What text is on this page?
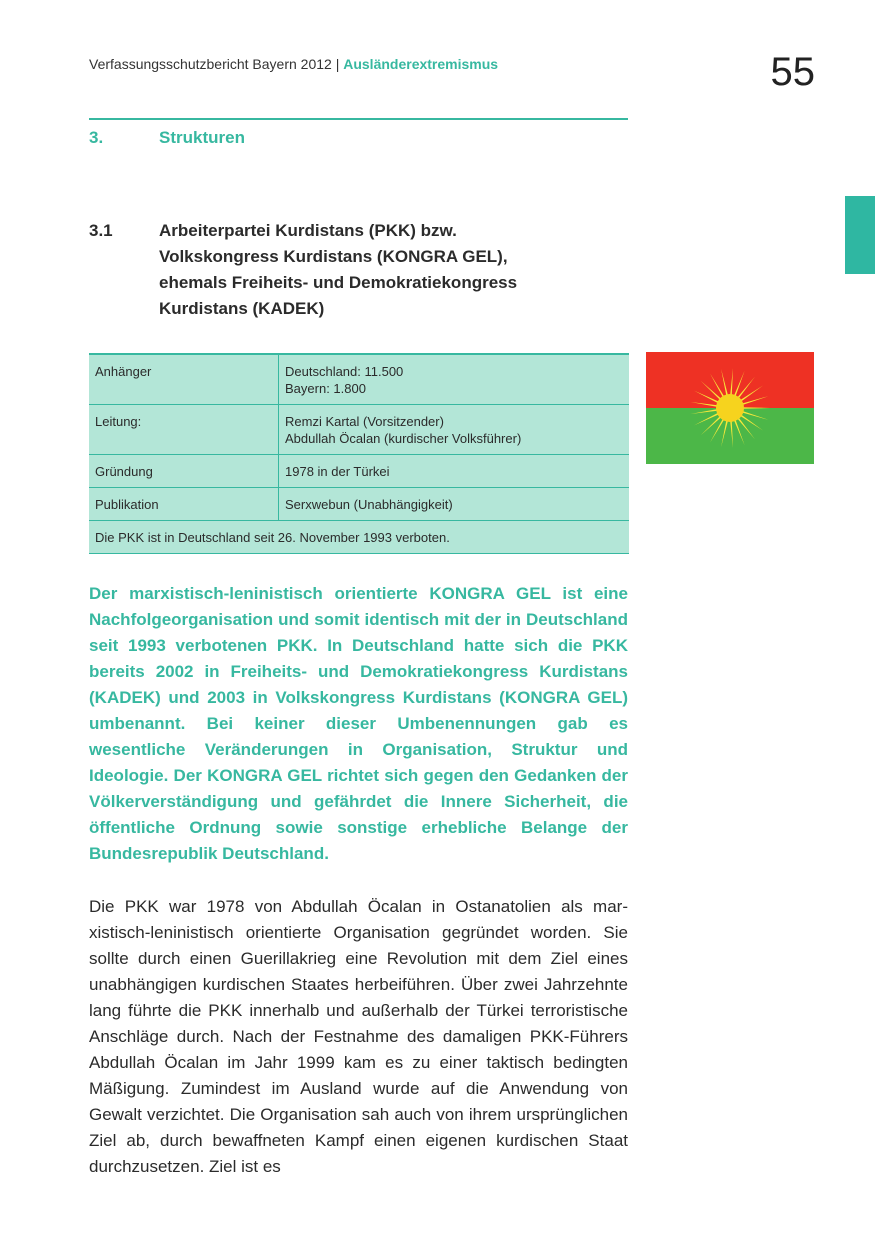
Verfassungsschutzbericht Bayern 2012 | Ausländerextremismus	55
3.	Strukturen
3.1	Arbeiterpartei Kurdistans (PKK) bzw.
Volkskongress Kurdistans (KONGRA GEL),
ehemals Freiheits- und Demokratiekongress
Kurdistans (KADEK)
Anhänger	Deutschland: 11.500
Bayern: 1.800

Leitung:	Remzi Kartal (Vorsitzender)
Abdullah Öcalan (kurdischer Volksführer)

Gründung	1978 in der Türkei

Publikation	Serxwebun (Unabhängigkeit)

Die PKK ist in Deutschland seit 26. November 1993 verboten.	
Der marxistisch-leninistisch orientierte KONGRA GEL ist eine Nachfolgeorganisation und somit identisch mit der in Deutschland seit 1993 verbotenen PKK. In Deutschland hatte sich die PKK bereits 2002 in Freiheits- und Demokratiekongress Kurdistans (KADEK) und 2003 in Volkskongress Kurdistans (KONGRA GEL) umbenannt. Bei keiner dieser Umbenennungen gab es wesentliche Veränderungen in Organisation, Struktur und Ideologie. Der KONGRA GEL richtet sich gegen den Gedanken der Völkerverständigung und gefährdet die Innere Sicherheit, die öffentliche Ordnung sowie sonstige erhebliche Belange der Bundesrepublik Deutschland.
Die PKK war 1978 von Abdullah Öcalan in Ostanatolien als marxistisch-leninistisch orientierte Organisation gegründet worden. Sie sollte durch einen Guerillakrieg eine Revolution mit dem Ziel eines unabhängigen kurdischen Staates herbeiführen. Über zwei Jahrzehnte lang führte die PKK innerhalb und außerhalb der Türkei terroristische Anschläge durch. Nach der Festnahme des damaligen PKK-Führers Abdullah Öcalan im Jahr 1999 kam es zu einer taktisch bedingten Mäßigung. Zumindest im Ausland wurde auf die Anwendung von Gewalt verzichtet. Die Organisation sah auch von ihrem ursprünglichen Ziel ab, durch bewaffneten Kampf einen eigenen kurdischen Staat durchzusetzen. Ziel ist es
